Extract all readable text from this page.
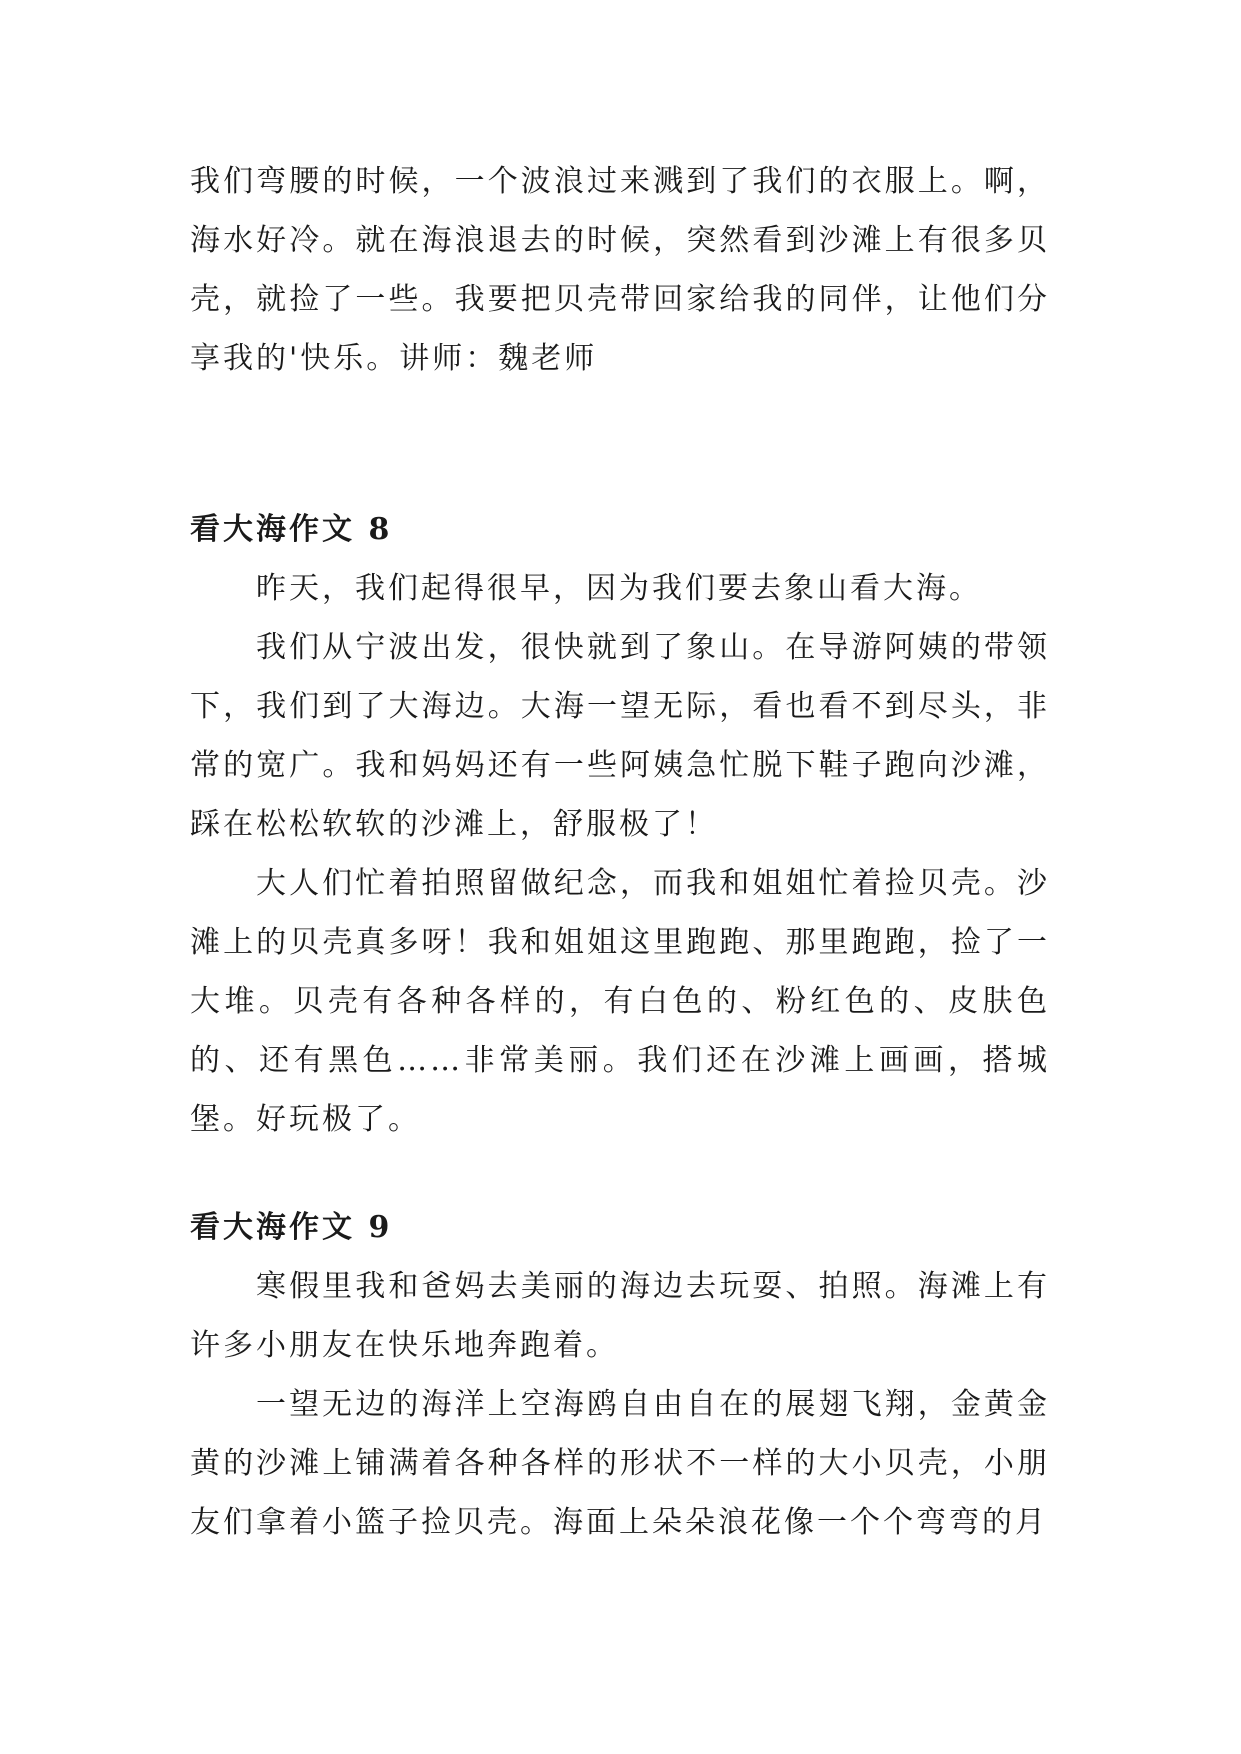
我们弯腰的时候，一个波浪过来溅到了我们的衣服上。啊，海水好冷。就在海浪退去的时候，突然看到沙滩上有很多贝壳，就捡了一些。我要把贝壳带回家给我的同伴，让他们分享我的'快乐。讲师：魏老师

看大海作文 8

昨天，我们起得很早，因为我们要去象山看大海。

我们从宁波出发，很快就到了象山。在导游阿姨的带领下，我们到了大海边。大海一望无际，看也看不到尽头，非常的宽广。我和妈妈还有一些阿姨急忙脱下鞋子跑向沙滩，踩在松松软软的沙滩上，舒服极了！

大人们忙着拍照留做纪念，而我和姐姐忙着捡贝壳。沙滩上的贝壳真多呀！我和姐姐这里跑跑、那里跑跑，捡了一大堆。贝壳有各种各样的，有白色的、粉红色的、皮肤色的、还有黑色……非常美丽。我们还在沙滩上画画，搭城堡。好玩极了。

看大海作文 9

寒假里我和爸妈去美丽的海边去玩耍、拍照。海滩上有许多小朋友在快乐地奔跑着。

一望无边的海洋上空海鸥自由自在的展翅飞翔，金黄金黄的沙滩上铺满着各种各样的形状不一样的大小贝壳，小朋友们拿着小篮子捡贝壳。海面上朵朵浪花像一个个弯弯的月
